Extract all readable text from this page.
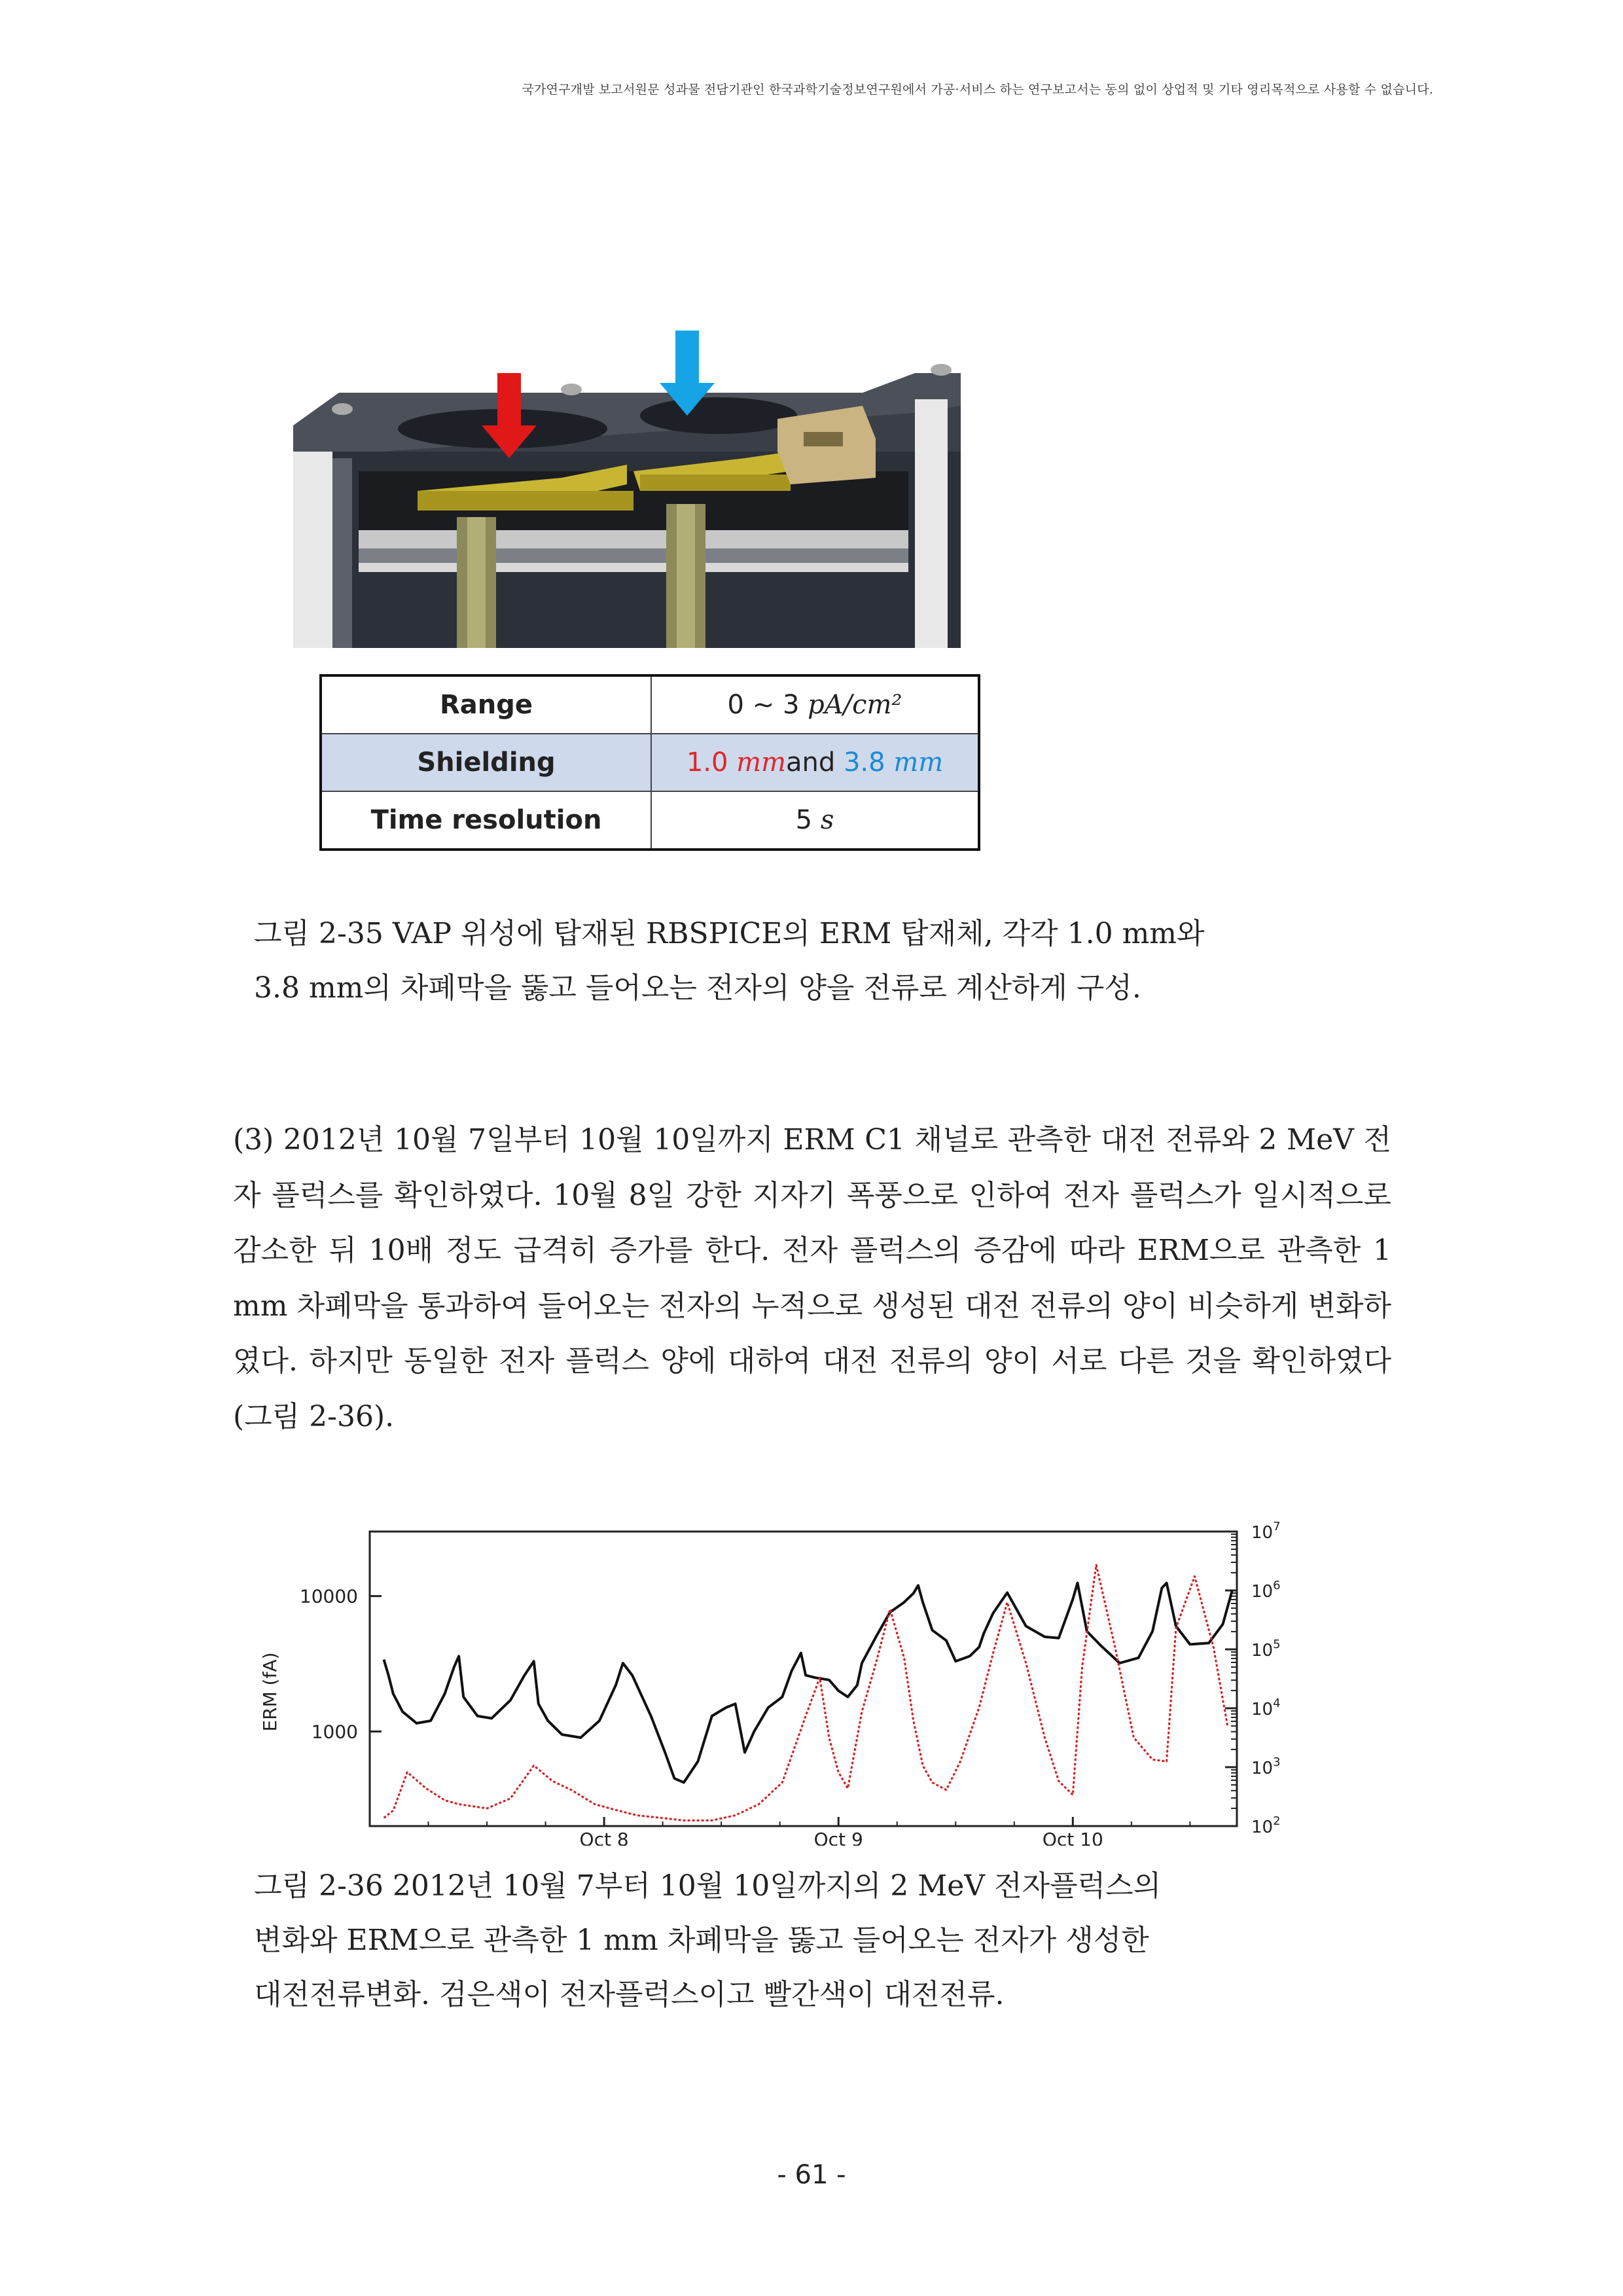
국가연구개발 보고서원문 성과물 전담기관인 한국과학기술정보연구원에서 가공·서비스 하는 연구보고서는 동의 없이 상업적 및 기타 영리목적으로 사용할 수 없습니다.
Range	0 ~ 3 pA/cm²
Shielding	1.0 mmand 3.8 mm
Time resolution	5 s
그림 2-35 VAP 위성에 탑재된 RBSPICE의 ERM 탑재체, 각각 1.0 mm와
3.8 mm의 차폐막을 뚫고 들어오는 전자의 양을 전류로 계산하게 구성.
(3) 2012년 10월 7일부터 10월 10일까지 ERM C1 채널로 관측한 대전 전류와 2 MeV 전자 플럭스를 확인하였다. 10월 8일 강한 지자기 폭풍으로 인하여 전자 플럭스가 일시적으로 감소한 뒤 10배 정도 급격히 증가를 한다. 전자 플럭스의 증감에 따라 ERM으로 관측한 1 mm 차폐막을 통과하여 들어오는 전자의 누적으로 생성된 대전 전류의 양이 비슷하게 변화하였다. 하지만 동일한 전자 플럭스 양에 대하여 대전 전류의 양이 서로 다른 것을 확인하였다 (그림 2-36).
10000
1000
$10^7$
$10^6$
$10^5$
$10^4$
$10^3$
$10^2$
Oct 8	Oct 9	Oct 10
ERM (fA)
그림 2-36 2012년 10월 7부터 10월 10일까지의 2 MeV 전자플럭스의
변화와 ERM으로 관측한 1 mm 차폐막을 뚫고 들어오는 전자가 생성한
대전전류변화. 검은색이 전자플럭스이고 빨간색이 대전전류.
- 61 -
